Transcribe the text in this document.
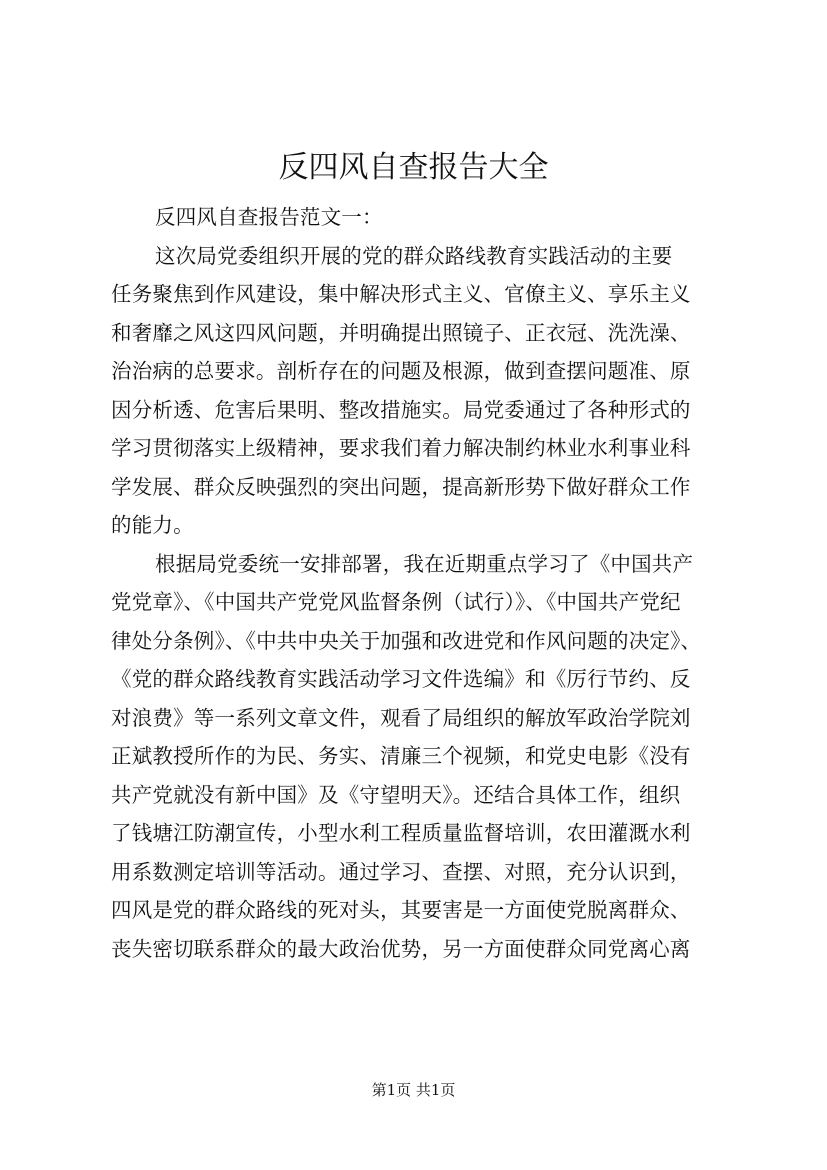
反四风自查报告大全
反四风自查报告范文一：
这次局党委组织开展的党的群众路线教育实践活动的主要
任务聚焦到作风建设，集中解决形式主义、官僚主义、享乐主义
和奢靡之风这四风问题，并明确提出照镜子、正衣冠、洗洗澡、
治治病的总要求。剖析存在的问题及根源，做到查摆问题准、原
因分析透、危害后果明、整改措施实。局党委通过了各种形式的
学习贯彻落实上级精神，要求我们着力解决制约林业水利事业科
学发展、群众反映强烈的突出问题，提高新形势下做好群众工作
的能力。
根据局党委统一安排部署，我在近期重点学习了《中国共产
党党章》、《中国共产党党风监督条例（试行）》、《中国共产党纪
律处分条例》、《中共中央关于加强和改进党和作风问题的决定》、
《党的群众路线教育实践活动学习文件选编》和《厉行节约、反
对浪费》等一系列文章文件，观看了局组织的解放军政治学院刘
正斌教授所作的为民、务实、清廉三个视频，和党史电影《没有
共产党就没有新中国》及《守望明天》。还结合具体工作，组织
了钱塘江防潮宣传，小型水利工程质量监督培训，农田灌溉水利
用系数测定培训等活动。通过学习、查摆、对照，充分认识到，
四风是党的群众路线的死对头，其要害是一方面使党脱离群众、
丧失密切联系群众的最大政治优势，另一方面使群众同党离心离
第1页 共1页
